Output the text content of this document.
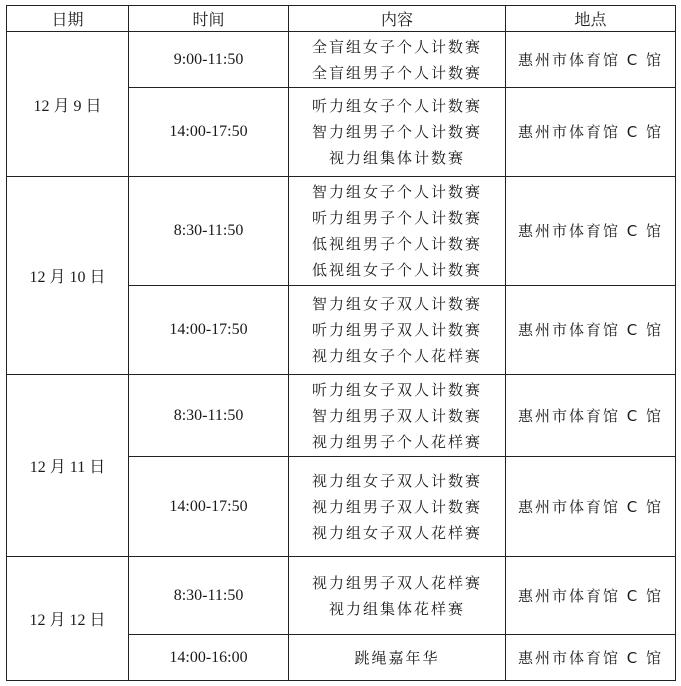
日期	时间	内容	地点
12 月 9 日	9:00-11:50	全盲组女子个人计数赛
全盲组男子个人计数赛	惠州市体育馆 C 馆
	14:00-17:50	听力组女子个人计数赛
智力组男子个人计数赛
视力组集体计数赛	惠州市体育馆 C 馆
12 月 10 日	8:30-11:50	智力组女子个人计数赛
听力组男子个人计数赛
低视组男子个人计数赛
低视组女子个人计数赛	惠州市体育馆 C 馆
	14:00-17:50	智力组女子双人计数赛
听力组男子双人计数赛
视力组女子个人花样赛	惠州市体育馆 C 馆
12 月 11 日	8:30-11:50	听力组女子双人计数赛
智力组男子双人计数赛
视力组男子个人花样赛	惠州市体育馆 C 馆
	14:00-17:50	视力组女子双人计数赛
视力组男子双人计数赛
视力组女子双人花样赛	惠州市体育馆 C 馆
12 月 12 日	8:30-11:50	视力组男子双人花样赛
视力组集体花样赛	惠州市体育馆 C 馆
	14:00-16:00	跳绳嘉年华	惠州市体育馆 C 馆
